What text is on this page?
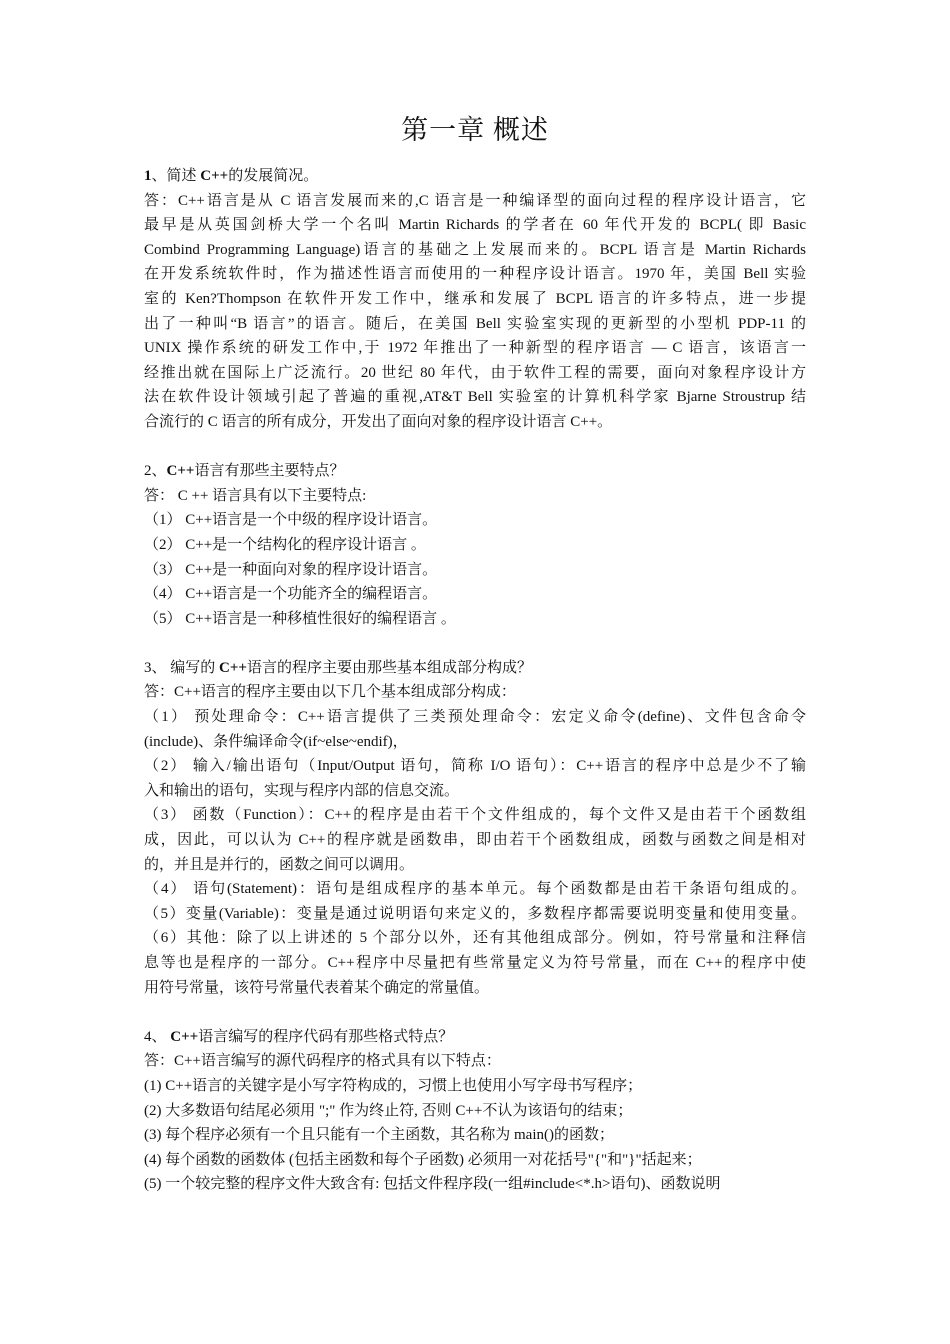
第一章 概述
1、简述 C++的发展简况。
答：C++语言是从 C 语言发展而来的,C 语言是一种编译型的面向过程的程序设计语言，它
最早是从英国剑桥大学一个名叫 Martin Richards 的学者在 60 年代开发的 BCPL( 即 Basic
Combind Programming Language)语言的基础之上发展而来的。BCPL 语言是 Martin Richards
在开发系统软件时，作为描述性语言而使用的一种程序设计语言。1970 年，美国 Bell 实验
室的 Ken?Thompson 在软件开发工作中，继承和发展了 BCPL 语言的许多特点，进一步提
出了一种叫“B 语言”的语言。随后，在美国 Bell 实验室实现的更新型的小型机 PDP-11 的
UNIX 操作系统的研发工作中,于 1972 年推出了一种新型的程序语言 — C 语言，该语言一
经推出就在国际上广泛流行。20 世纪 80 年代，由于软件工程的需要，面向对象程序设计方
法在软件设计领域引起了普遍的重视,AT&T Bell 实验室的计算机科学家 Bjarne Stroustrup 结
合流行的 C 语言的所有成分，开发出了面向对象的程序设计语言 C++。
2、C++语言有那些主要特点？
答： C ++ 语言具有以下主要特点:
（1） C++语言是一个中级的程序设计语言。
（2） C++是一个结构化的程序设计语言 。
（3） C++是一种面向对象的程序设计语言。
（4） C++语言是一个功能齐全的编程语言。
（5） C++语言是一种移植性很好的编程语言 。
3、 编写的 C++语言的程序主要由那些基本组成部分构成？
答：C++语言的程序主要由以下几个基本组成部分构成：
（1） 预处理命令：C++语言提供了三类预处理命令：宏定义命令(define)、文件包含命令
(include)、条件编译命令(if~else~endif)，
（2） 输入/输出语句（Input/Output 语句，简称 I/O 语句）：C++语言的程序中总是少不了输
入和输出的语句，实现与程序内部的信息交流。
（3） 函数（Function）：C++的程序是由若干个文件组成的，每个文件又是由若干个函数组
成，因此，可以认为 C++的程序就是函数串，即由若干个函数组成，函数与函数之间是相对
的，并且是并行的，函数之间可以调用。
（4） 语句(Statement)：语句是组成程序的基本单元。每个函数都是由若干条语句组成的。
（5）变量(Variable)：变量是通过说明语句来定义的，多数程序都需要说明变量和使用变量。
（6）其他：除了以上讲述的 5 个部分以外，还有其他组成部分。例如，符号常量和注释信
息等也是程序的一部分。C++程序中尽量把有些常量定义为符号常量，而在 C++的程序中使
用符号常量，该符号常量代表着某个确定的常量值。
4、 C++语言编写的程序代码有那些格式特点？
答：C++语言编写的源代码程序的格式具有以下特点：
(1) C++语言的关键字是小写字符构成的，习惯上也使用小写字母书写程序；
(2) 大多数语句结尾必须用 ";" 作为终止符, 否则 C++不认为该语句的结束；
(3) 每个程序必须有一个且只能有一个主函数，其名称为 main()的函数；
(4) 每个函数的函数体 (包括主函数和每个子函数) 必须用一对花括号"{"和"}"括起来；
(5) 一个较完整的程序文件大致含有: 包括文件程序段(一组#include<*.h>语句)、函数说明
